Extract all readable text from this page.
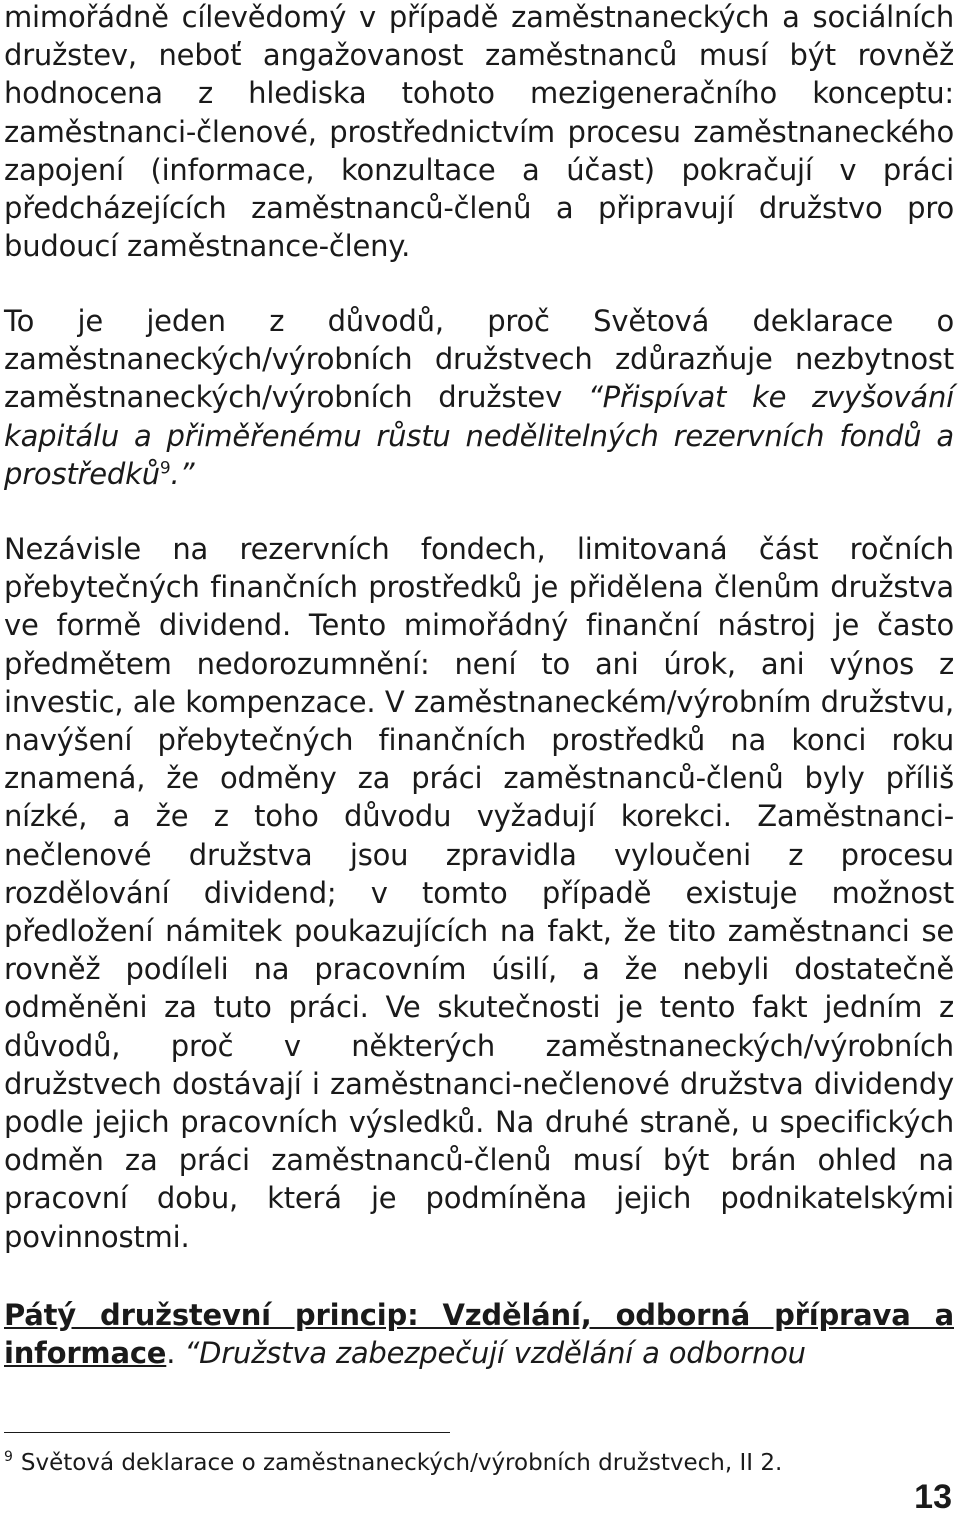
mimořádně cílevědomý v případě zaměstnaneckých a sociálních družstev, neboť angažovanost zaměstnanců musí být rovněž hodnocena z hlediska tohoto mezigeneračního konceptu: zaměstnanci-členové, prostřednictvím procesu zaměstnaneckého zapojení (informace, konzultace a účast) pokračují v práci předcházejících zaměstnanců-členů a připravují družstvo pro budoucí zaměstnance-členy.

To je jeden z důvodů, proč Světová deklarace o zaměstnaneckých/výrobních družstvech zdůrazňuje nezbytnost zaměstnaneckých/výrobních družstev “Přispívat ke zvyšování kapitálu a přiměřenému růstu nedělitelných rezervních fondů a prostředků$^9$.”

Nezávisle na rezervních fondech, limitovaná část ročních přebytečných finančních prostředků je přidělena členům družstva ve formě dividend. Tento mimořádný finanční nástroj je často předmětem nedorozumnění: není to ani úrok, ani výnos z investic, ale kompenzace. V zaměstnaneckém/výrobním družstvu, navýšení přebytečných finančních prostředků na konci roku znamená, že odměny za práci zaměstnanců-členů byly příliš nízké, a že z toho důvodu vyžadují korekci. Zaměstnanci-nečlenové družstva jsou zpravidla vyloučeni z procesu rozdělování dividend; v tomto případě existuje možnost předložení námitek poukazujících na fakt, že tito zaměstnanci se rovněž podíleli na pracovním úsilí, a že nebyli dostatečně odměněni za tuto práci. Ve skutečnosti je tento fakt jedním z důvodů, proč v některých zaměstnaneckých/výrobních družstvech dostávají i zaměstnanci-nečlenové družstva dividendy podle jejich pracovních výsledků. Na druhé straně, u specifických odměn za práci zaměstnanců-členů musí být brán ohled na pracovní dobu, která je podmíněna jejich podnikatelskými povinnostmi.

Pátý družstevní princip: Vzdělání, odborná příprava a informace. “Družstva zabezpečují vzdělání a odbornou

$^9$ Světová deklarace o zaměstnaneckých/výrobních družstvech, II 2.

13
